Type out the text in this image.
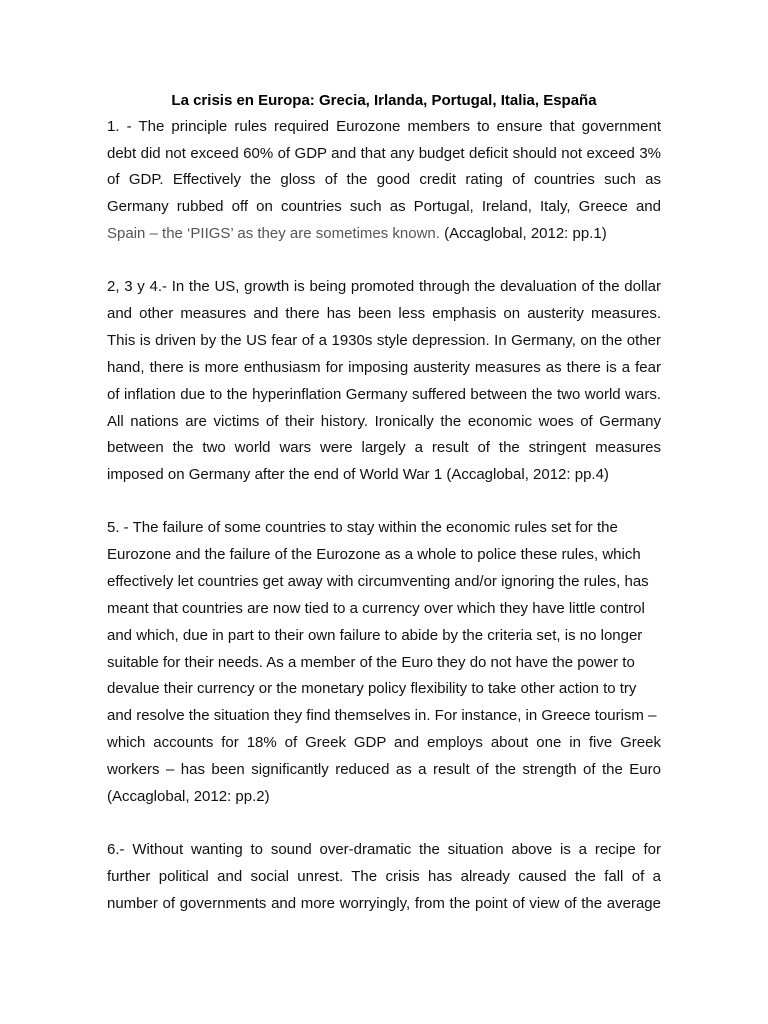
La crisis en Europa: Grecia, Irlanda, Portugal, Italia, España
1. - The principle rules required Eurozone members to ensure that government
debt did not exceed 60% of GDP and that any budget deficit should not exceed 3%
of GDP. Effectively the gloss of the good credit rating of countries such as
Germany rubbed off on countries such as Portugal, Ireland, Italy, Greece and
Spain – the ‘PIIGS’ as they are sometimes known. (Accaglobal, 2012: pp.1)
2, 3 y 4.- In the US, growth is being promoted through the devaluation of the dollar
and other measures and there has been less emphasis on austerity measures.
This is driven by the US fear of a 1930s style depression. In Germany, on the other
hand, there is more enthusiasm for imposing austerity measures as there is a fear
of inflation due to the hyperinflation Germany suffered between the two world wars.
All nations are victims of their history. Ironically the economic woes of Germany
between the two world wars were largely a result of the stringent measures
imposed on Germany after the end of World War 1 (Accaglobal, 2012: pp.4)
5. - The failure of some countries to stay within the economic rules set for the
Eurozone and the failure of the Eurozone as a whole to police these rules, which
effectively let countries get away with circumventing and/or ignoring the rules, has
meant that countries are now tied to a currency over which they have little control
and which, due in part to their own failure to abide by the criteria set, is no longer
suitable for their needs. As a member of the Euro they do not have the power to
devalue their currency or the monetary policy flexibility to take other action to try
and resolve the situation they find themselves in. For instance, in Greece tourism –
which accounts for 18% of Greek GDP and employs about one in five Greek
workers – has been significantly reduced as a result of the strength of the Euro
(Accaglobal, 2012: pp.2)
6.- Without wanting to sound over-dramatic the situation above is a recipe for
further political and social unrest. The crisis has already caused the fall of a
number of governments and more worryingly, from the point of view of the average
